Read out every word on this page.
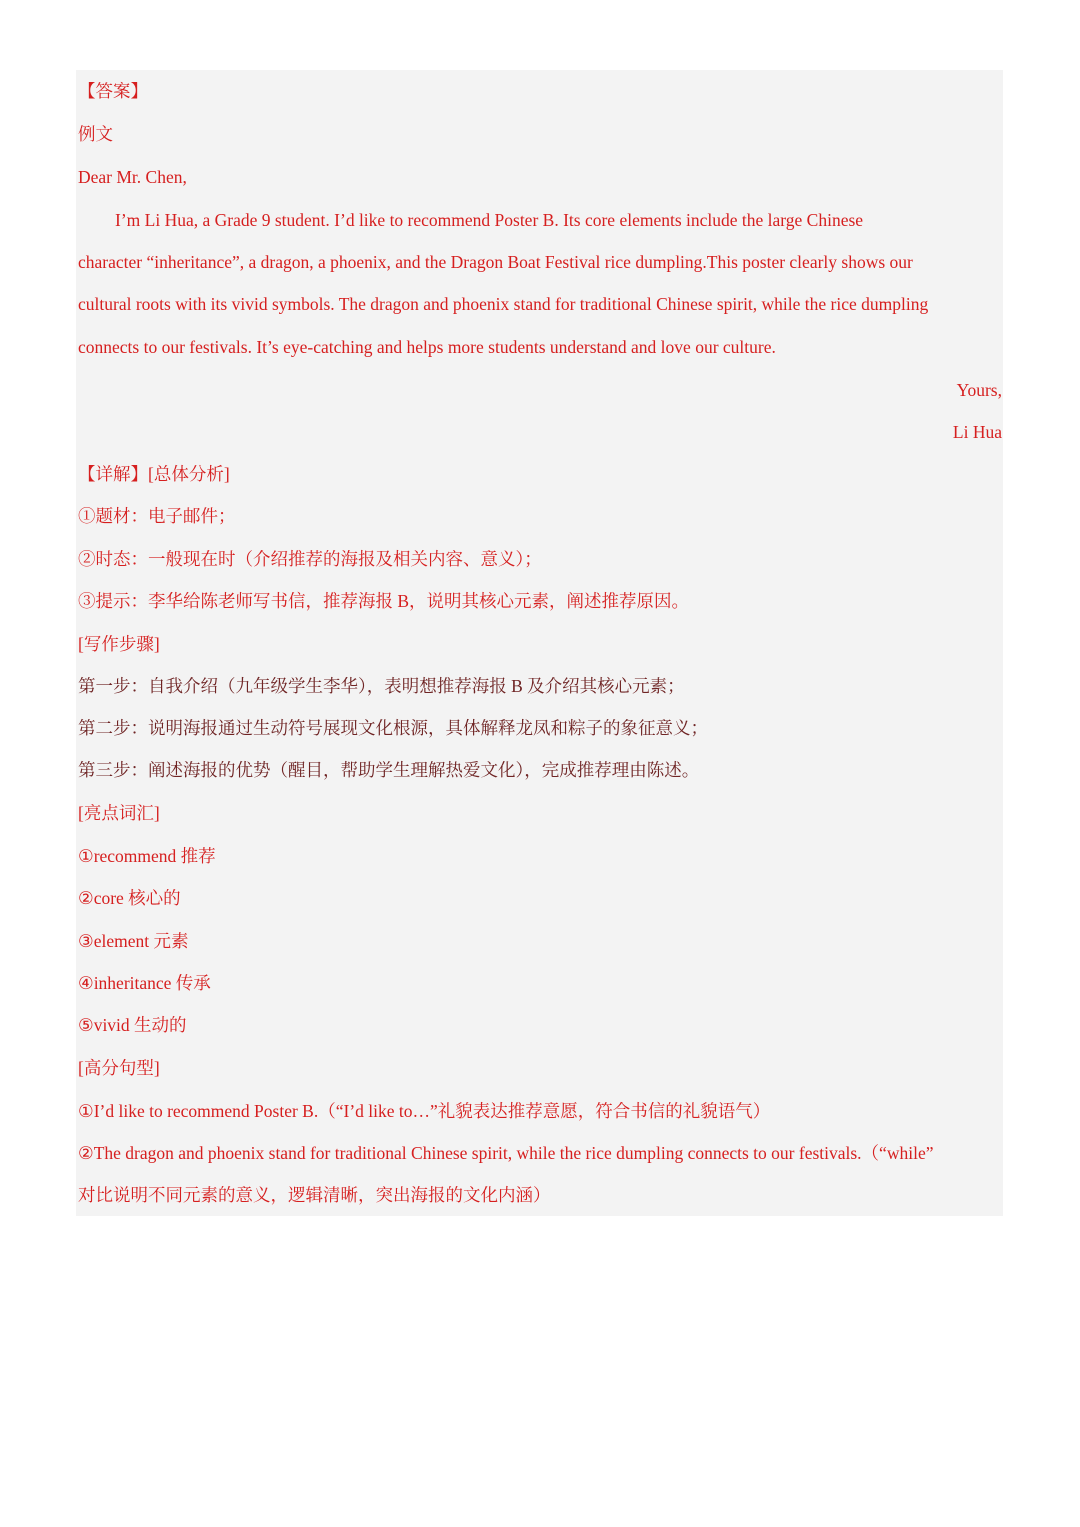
【答案】
例文
Dear Mr. Chen,
I’m Li Hua, a Grade 9 student. I’d like to recommend Poster B. Its core elements include the large Chinese
character “inheritance”, a dragon, a phoenix, and the Dragon Boat Festival rice dumpling.This poster clearly shows our
cultural roots with its vivid symbols. The dragon and phoenix stand for traditional Chinese spirit, while the rice dumpling
connects to our festivals. It’s eye-catching and helps more students understand and love our culture.
Yours,
Li Hua
【详解】[总体分析]
①题材：电子邮件；
②时态：一般现在时（介绍推荐的海报及相关内容、意义）；
③提示：李华给陈老师写书信，推荐海报 B，说明其核心元素，阐述推荐原因。
[写作步骤]
第一步：自我介绍（九年级学生李华），表明想推荐海报 B 及介绍其核心元素；
第二步：说明海报通过生动符号展现文化根源，具体解释龙凤和粽子的象征意义；
第三步：阐述海报的优势（醒目，帮助学生理解热爱文化），完成推荐理由陈述。
[亮点词汇]
①recommend 推荐
②core 核心的
③element 元素
④inheritance 传承
⑤vivid 生动的
[高分句型]
①I’d like to recommend Poster B.（“I’d like to…”礼貌表达推荐意愿，符合书信的礼貌语气）
②The dragon and phoenix stand for traditional Chinese spirit, while the rice dumpling connects to our festivals.（“while”
对比说明不同元素的意义，逻辑清晰，突出海报的文化内涵）
